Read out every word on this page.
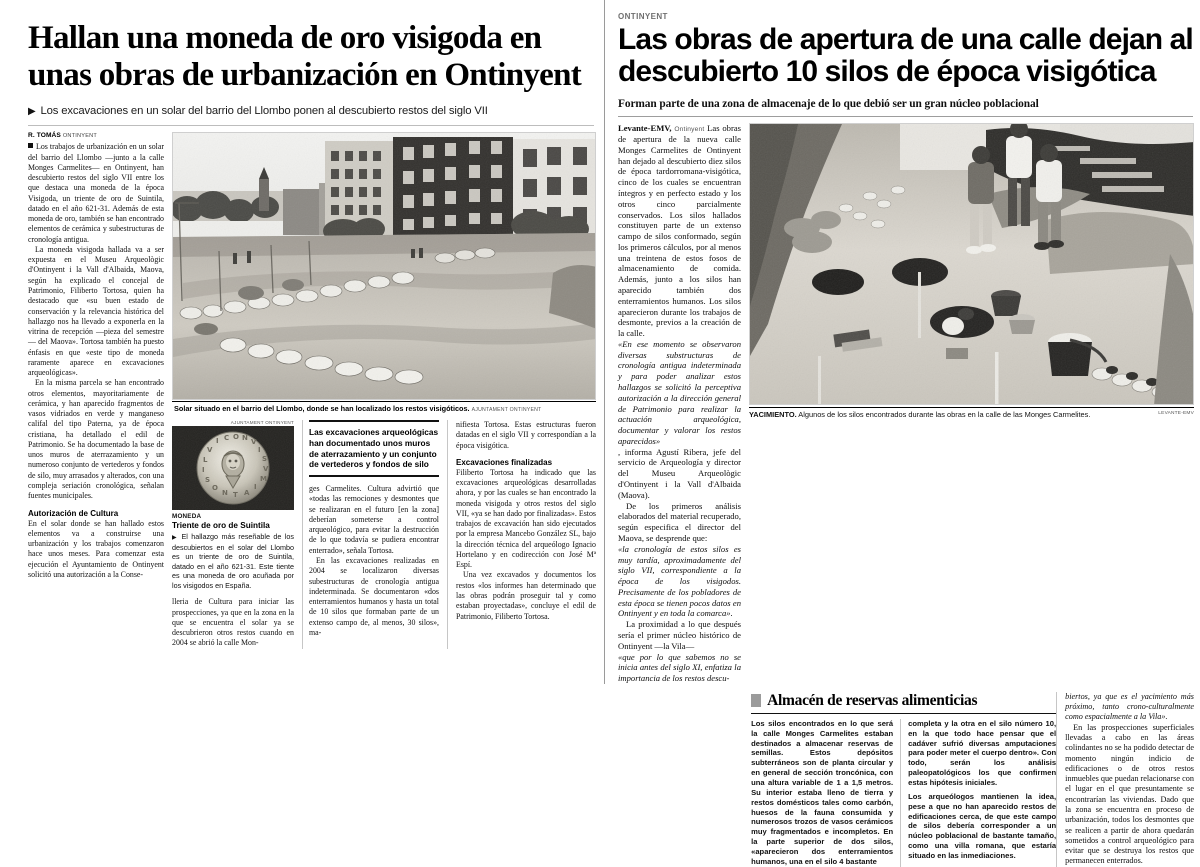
Hallan una moneda de oro visigoda en unas obras de urbanización en Ontinyent
▶ Los excavaciones en un solar del barrio del Llombo ponen al descubierto restos del siglo VII
R. TOMÁS ONTINYENT

Los trabajos de urbanización en un solar del barrio del Llombo —junto a la calle Monges Carmelites— en Ontinyent, han descubierto restos del siglo VII entre los que destaca una moneda de la época Visigoda, un triente de oro de Suintila, datado en el año 621-31. Además de esta moneda de oro, también se han encontrado elementos de cerámica y subestructuras de cronología antigua.

La moneda visigoda hallada va a ser expuesta en el Museu Arqueològic d'Ontinyent i la Vall d'Albaida, Maova, según ha explicado el concejal de Patrimonio, Filiberto Tortosa, quien ha destacado que «su buen estado de conservación y la relevancia histórica del hallazgo nos ha llevado a exponerla en la vitrina de recepción —pieza del semestre— del Maova». Tortosa también ha puesto énfasis en que «este tipo de moneda raramente aparece en excavaciones arqueológicas».

En la misma parcela se han encontrado otros elementos, mayoritariamente de cerámica, y han aparecido fragmentos de vasos vidriados en verde y manganeso califal del tipo Paterna, ya de época cristiana, ha detallado el edil de Patrimonio. Se ha documentado la base de unos muros de aterrazamiento y un numeroso conjunto de vertederos y fondos de silo, muy arrasados y alterados, con una compleja seriación cronológica, señalan fuentes municipales.

Autorización de Cultura

En el solar donde se han hallado estos elementos va a construirse una urbanización y los trabajos comenzaron hace unos meses. Para comenzar esta ejecución el Ayuntamiento de Ontinyent solicitó una autorización a la Conse-

Solar situado en el barrio del Llombo, donde se han localizado los restos visigóticos. AJUNTAMENT ONTINYENT
AJUNTAMENT ONTINYENT
I C O N V
I
S
V
M
I
A
T
N
O
S
I
L
V
MONEDA
Triente de oro de Suintila

▶ El hallazgo más reseñable de los descubiertos en el solar del Llombo es un triente de oro de Suintila, datado en el año 621-31. Este tiente es una moneda de oro acuñada por los visigodos en España.

lleria de Cultura para iniciar las prospecciones, ya que en la zona en la que se encuentra el solar ya se descubrieron otros restos cuando en 2004 se abrió la calle Mon-

Las excavaciones arqueológicas han documentado unos muros de aterrazamiento y un conjunto de vertederos y fondos de silo

ges Carmelites. Cultura advirtió que «todas las remociones y desmontes que se realizaran en el futuro [en la zona] deberían someterse a control arqueológico, para evitar la destrucción de lo que todavía se pudiera encontrar enterrado», señala Tortosa.

En las excavaciones realizadas en 2004 se localizaron diversas subestructuras de cronología antigua indeterminada. Se documentaron «dos enterramientos humanos y hasta un total de 10 silos que formaban parte de un extenso campo de, al menos, 30 silos», ma-

nifiesta Tortosa. Estas estructuras fueron datadas en el siglo VII y correspondían a la época visigótica.

Excavaciones finalizadas

Filiberto Tortosa ha indicado que las excavaciones arqueológicas desarrolladas ahora, y por las cuales se han encontrado la moneda visigoda y otros restos del siglo VII, «ya se han dado por finalizadas». Estos trabajos de excavación han sido ejecutados por la empresa Mancebo González SL, bajo la dirección técnica del arqueólogo Ignacio Hortelano y en codirección con José Mª Espí.

Una vez excavados y documentos los restos «los informes han determinado que las obras podrán proseguir tal y como estaban proyectadas», concluye el edil de Patrimonio, Filiberto Tortosa.

ONTINYENT
Las obras de apertura de una calle dejan al descubierto 10 silos de época visigótica
Forman parte de una zona de almacenaje de lo que debió ser un gran núcleo poblacional

Levante-EMV, Ontinyent Las obras de apertura de la nueva calle Monges Carmelites de Ontinyent han dejado al descubierto diez silos de época tardorromana-visigótica, cinco de los cuales se encuentran íntegros y en perfecto estado y los otros cinco parcialmente conservados. Los silos hallados constituyen parte de un extenso campo de silos conformado, según los primeros cálculos, por al menos una treintena de estos fosos de almacenamiento de comida. Además, junto a los silos han aparecido también dos enterramientos humanos. Los silos aparecieron durante los trabajos de desmonte, previos a la creación de la calle.

«En ese momento se observaron diversas substructuras de cronología antigua indeterminada y para poder analizar estos hallazgos se solicitó la perceptiva autorización a la dirección general de Patrimonio para realizar la actuación arqueológica, documentar y valorar los restos aparecidos»

, informa Agustí Ribera, jefe del servicio de Arqueología y director del Museu Arqueològic d'Ontinyent i la Vall d'Albaida (Maova).

De los primeros análisis elaborados del material recuperado, según especifica el director del Maova, se desprende que:

«la cronología de estos silos es muy tardía, aproximadamente del siglo VII, correspondiente a la época de los visigodos. Precisamente de los pobladores de esta época se tienen pocos datos en Ontinyent y en toda la comarca».

La proximidad a lo que después sería el primer núcleo histórico de Ontinyent —la Vila—

«que por lo que sabemos no se inicia antes del siglo XI, enfatiza la importancia de los restos descu-

YACIMIENTO. Algunos de los silos encontrados durante las obras en la calle de las Monges Carmelites.	LEVANTE-EMV
Almacén de reservas alimenticias

Los silos encontrados en lo que será la calle Monges Carmelites estaban destinados a almacenar reservas de semillas. Estos depósitos subterráneos son de planta circular y en general de sección troncónica, con una altura variable de 1 a 1,5 metros. Su interior estaba lleno de tierra y restos domésticos tales como carbón, huesos de la fauna consumida y numerosos trozos de vasos cerámicos muy fragmentados e incompletos. En la parte superior de dos silos, «aparecieron dos enterramientos humanos, una en el silo 4 bastante

completa y la otra en el silo número 10, en la que todo hace pensar que el cadáver sufrió diversas amputaciones para poder meter el cuerpo dentro». Con todo, serán los análisis paleopatológicos los que confirmen estas hipótesis iniciales.

Los arqueólogos mantienen la idea, pese a que no han aparecido restos de edificaciones cerca, de que este campo de silos debería corresponder a un núcleo poblacional de bastante tamaño, como una villa romana, que estaría situado en las inmediaciones.

biertos, ya que es el yacimiento más próximo, tanto crono-culturalmente como espacialmente a la Vila».

En las prospecciones superficiales llevadas a cabo en las áreas colindantes no se ha podido detectar de momento ningún indicio de edificaciones o de otros restos inmuebles que puedan relacionarse con el lugar en el que presuntamente se encontrarían las viviendas. Dado que la zona se encuentra en proceso de urbanización, todos los desmontes que se realicen a partir de ahora quedarán sometidos a control arqueológico para evitar que se destruya los restos que permanecen enterrados.
